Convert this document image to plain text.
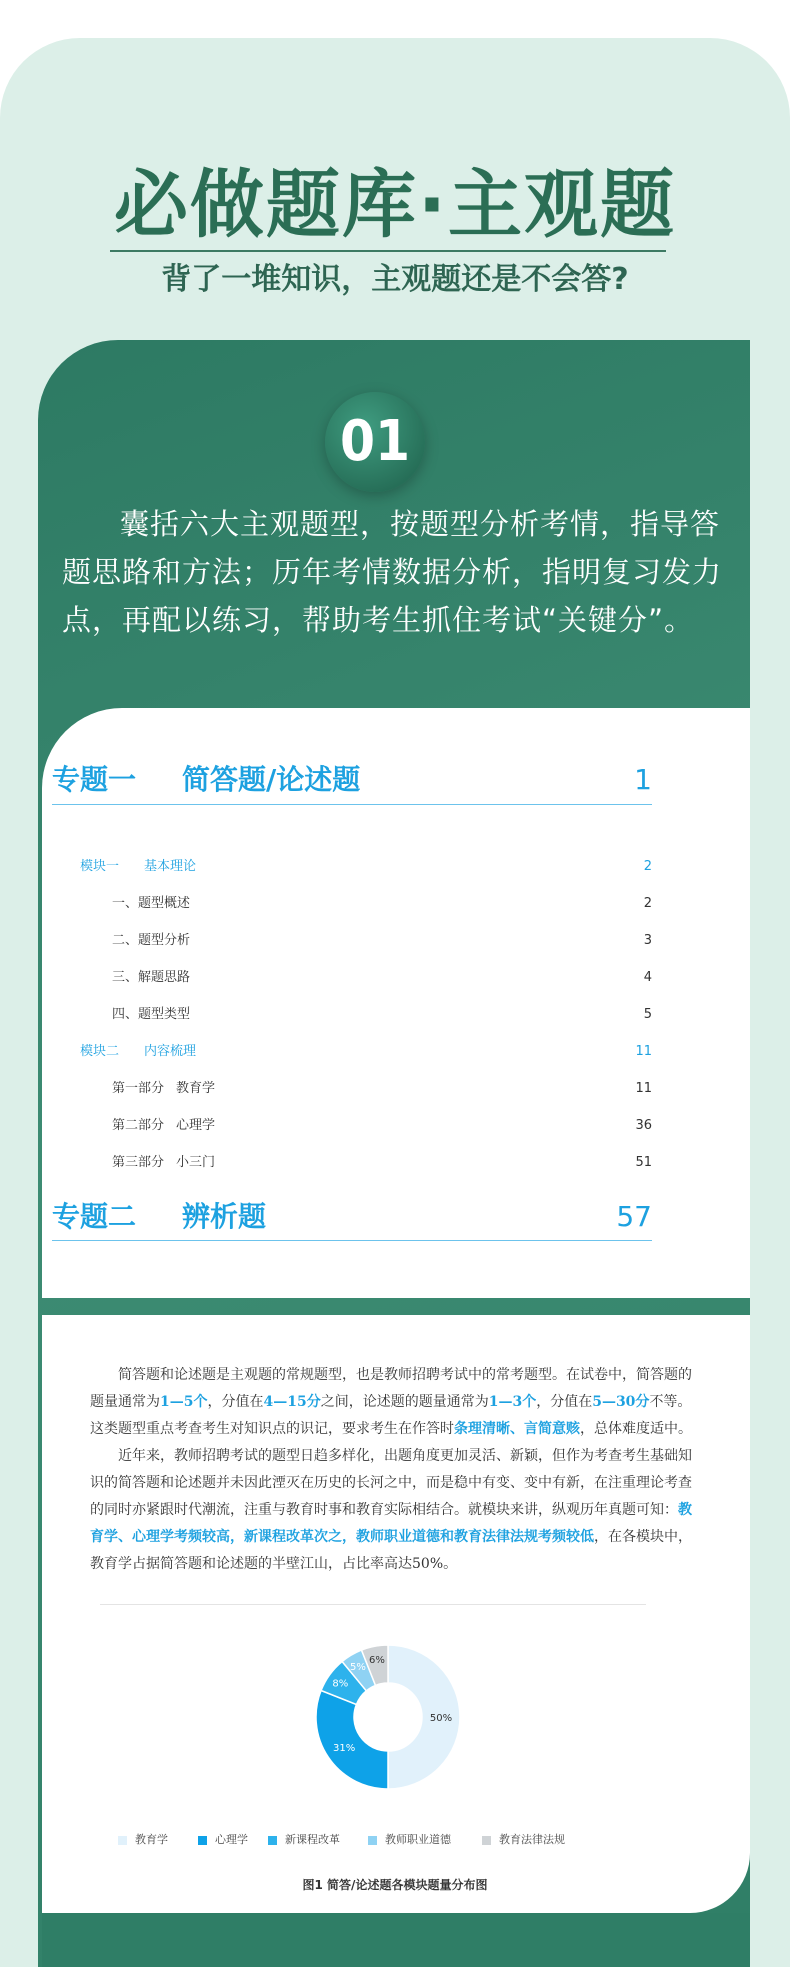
必做题库·主观题
背了一堆知识，主观题还是不会答?
01
囊括六大主观题型，按题型分析考情，指导答题思路和方法；历年考情数据分析，指明复习发力点，再配以练习，帮助考生抓住考试“关键分”。
专题一 简答题/论述题	1
模块一 基本理论	2
一、题型概述	2
二、题型分析	3
三、解题思路	4
四、题型类型	5
模块二 内容梳理	11
第一部分 教育学	11
第二部分 心理学	36
第三部分 小三门	51
专题二 辨析题	57

简答题和论述题是主观题的常规题型，也是教师招聘考试中的常考题型。在试卷中，简答题的题量通常为1—5个，分值在4—15分之间，论述题的题量通常为1—3个，分值在5—30分不等。这类题型重点考查考生对知识点的识记，要求考生在作答时条理清晰、言简意赅，总体难度适中。

近年来，教师招聘考试的题型日趋多样化，出题角度更加灵活、新颖，但作为考查考生基础知识的简答题和论述题并未因此湮灭在历史的长河之中，而是稳中有变、变中有新，在注重理论考查的同时亦紧跟时代潮流，注重与教育时事和教育实际相结合。就模块来讲，纵观历年真题可知：教育学、心理学考频较高，新课程改革次之，教师职业道德和教育法律法规考频较低，在各模块中，教育学占据简答题和论述题的半壁江山，占比率高达50%。

50%
31%
8%
5%
6%
教育学	心理学	新课程改革	教师职业道德	教育法律法规
图1 简答/论述题各模块题量分布图
